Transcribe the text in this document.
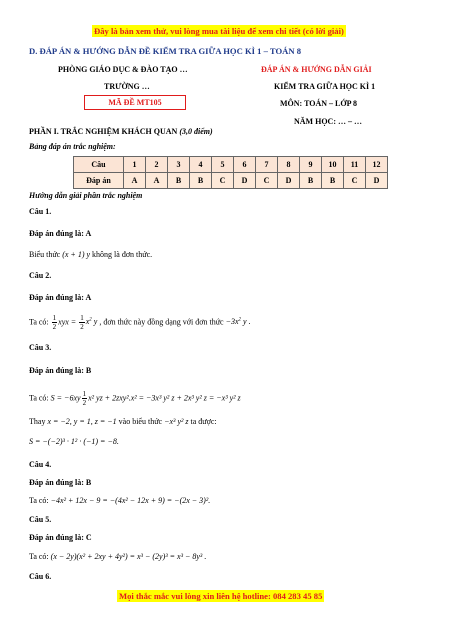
Đây là bản xem thử, vui lòng mua tài liệu để xem chi tiết (có lời giải)
D. ĐÁP ÁN & HƯỚNG DẪN ĐỀ KIỂM TRA GIỮA HỌC KÌ 1 – TOÁN 8
PHÒNG GIÁO DỤC & ĐÀO TẠO …
TRƯỜNG …
MÃ ĐỀ MT105
ĐÁP ÁN & HƯỚNG DẪN GIẢI
KIỂM TRA GIỮA HỌC KÌ 1
MÔN: TOÁN – LỚP 8
NĂM HỌC: … – …
PHẦN I. TRẮC NGHIỆM KHÁCH QUAN (3,0 điểm)
Bảng đáp án trắc nghiệm:
Câu	1	2	3	4	5	6	7	8	9	10	11	12
Đáp án	A	A	B	B	C	D	C	D	B	B	C	D
Hướng dẫn giải phần trắc nghiệm
Câu 1.
Đáp án đúng là: A
Biểu thức (x + 1) y không là đơn thức.
Câu 2.
Đáp án đúng là: A
Ta có: $\frac{1}{2}$ xyx = $\frac{1}{2} x^2$ y , đơn thức này đồng dạng với đơn thức $-3x^2$ y .
Câu 3.
Đáp án đúng là: B
Ta có: $S = -6xy \frac{1}{2} x^2$ yz + 2zxy².x² = −3x³ y² z + 2x³ y² z = −x³ y² z
Thay x = −2, y = 1, z = −1 vào biểu thức −x³ y² z ta được:
S = −(−2)³ · 1² · (−1) = −8.
Câu 4.
Đáp án đúng là: B
Ta có: −4x² + 12x − 9 = −(4x² − 12x + 9) = −(2x − 3)².
Câu 5.
Đáp án đúng là: C
Ta có: (x − 2y)(x² + 2xy + 4y²) = x³ − (2y)³ = x³ − 8y³ .
Câu 6.
Mọi thắc mắc vui lòng xin liên hệ hotline: 084 283 45 85
